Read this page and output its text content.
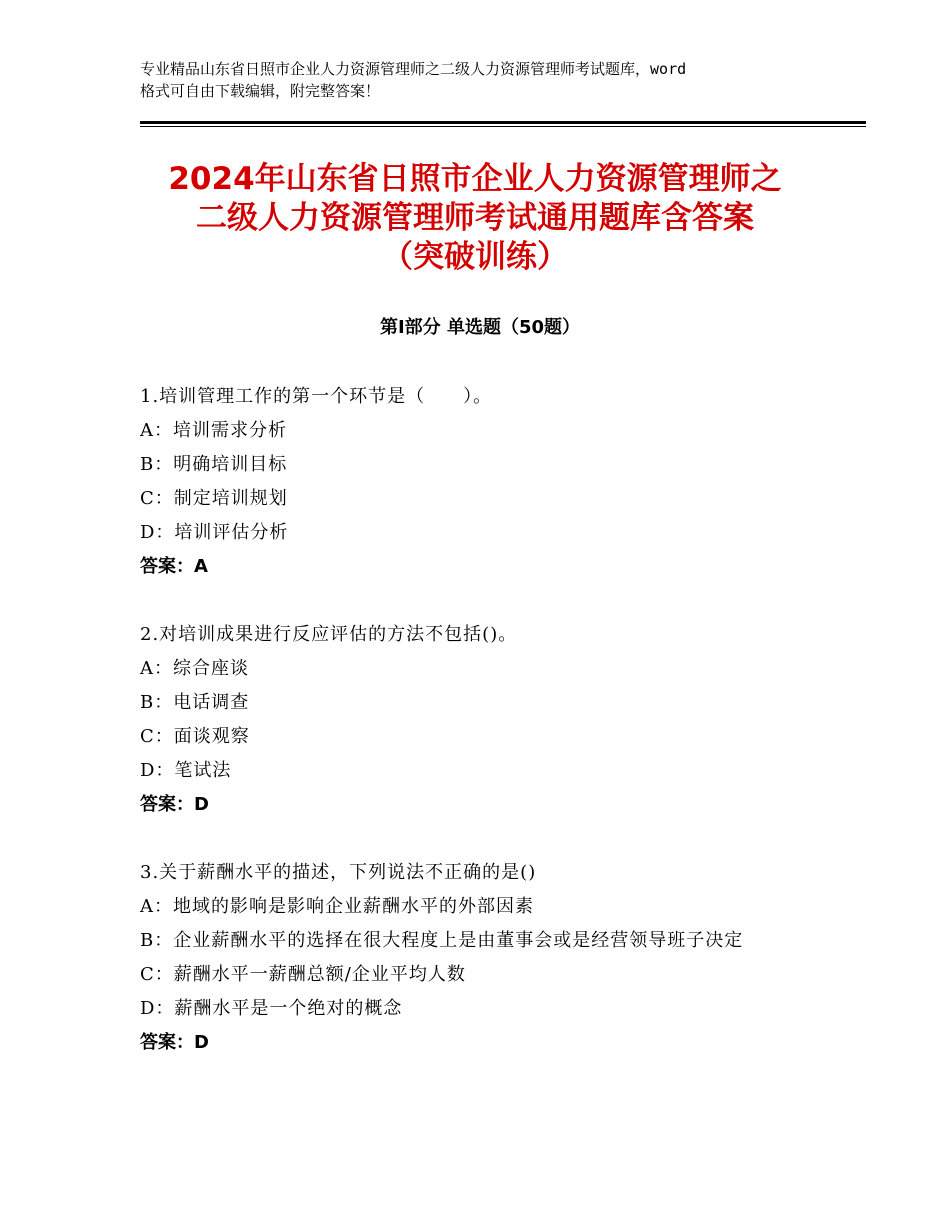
专业精品山东省日照市企业人力资源管理师之二级人力资源管理师考试题库，word
格式可自由下载编辑，附完整答案！
2024年山东省日照市企业人力资源管理师之
二级人力资源管理师考试通用题库含答案
（突破训练）
第Ⅰ部分 单选题（50题）
1.培训管理工作的第一个环节是（　　）。
A：培训需求分析
B：明确培训目标
C：制定培训规划
D：培训评估分析
答案：A
2.对培训成果进行反应评估的方法不包括()。
A：综合座谈
B：电话调查
C：面谈观察
D：笔试法
答案：D
3.关于薪酬水平的描述，下列说法不正确的是()
A：地域的影响是影响企业薪酬水平的外部因素
B：企业薪酬水平的选择在很大程度上是由董事会或是经营领导班子决定
C：薪酬水平一薪酬总额/企业平均人数
D：薪酬水平是一个绝对的概念
答案：D
